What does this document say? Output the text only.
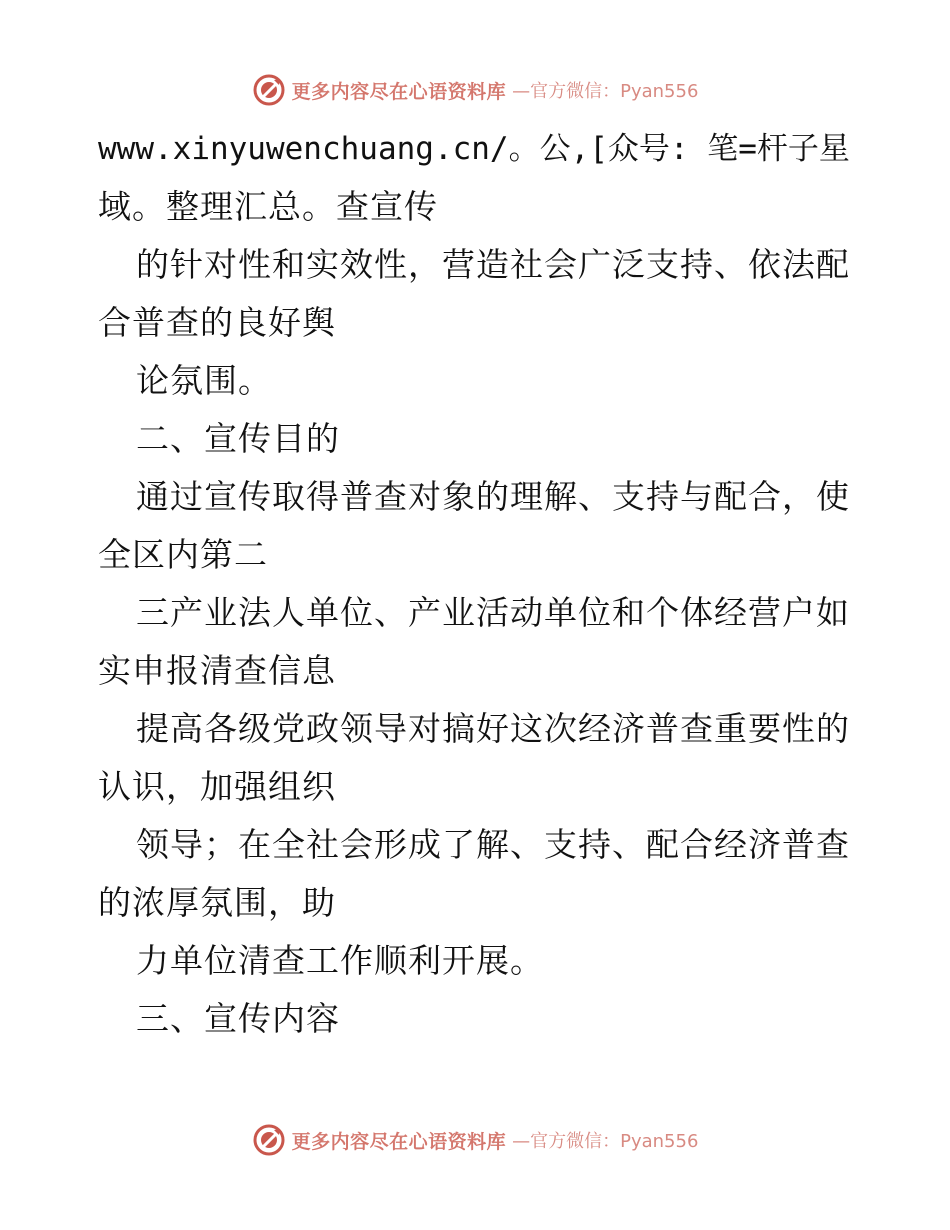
更多内容尽在心语资料库 —官方微信：Pyan556
www.xinyuwenchuang.cn/。公,[众号: 笔=杆子星
域。整理汇总。查宣传
的针对性和实效性，营造社会广泛支持、依法配
合普查的良好舆
论氛围。
二、宣传目的
通过宣传取得普查对象的理解、支持与配合，使
全区内第二
三产业法人单位、产业活动单位和个体经营户如
实申报清查信息
提高各级党政领导对搞好这次经济普查重要性的
认识，加强组织
领导；在全社会形成了解、支持、配合经济普查
的浓厚氛围，助
力单位清查工作顺利开展。
三、宣传内容
更多内容尽在心语资料库 —官方微信：Pyan556
